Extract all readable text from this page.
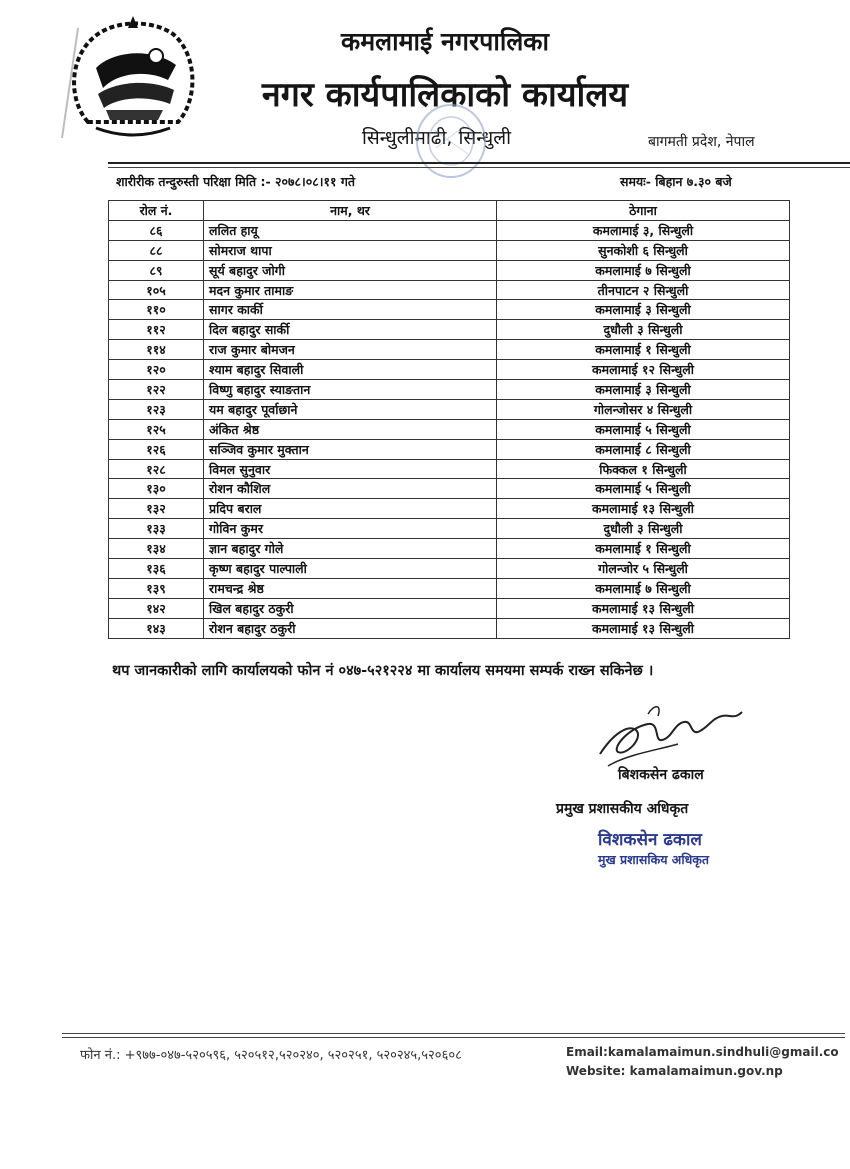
कमलामाई नगरपालिका
नगर कार्यपालिकाको कार्यालय
सिन्धुलीमाढी, सिन्धुली	बागमती प्रदेश, नेपाल
शारीरीक तन्दुरुस्ती परिक्षा मिति :- २०७८।०८।११ गते	समयः- बिहान ७.३० बजे
रोल नं.	नाम, थर	ठेगाना
८६	ललित हायू	कमलामाई ३, सिन्धुली
८८	सोमराज थापा	सुनकोशी ६ सिन्धुली
८९	सूर्य बहादुर जोगी	कमलामाई ७ सिन्धुली
१०५	मदन कुमार तामाङ	तीनपाटन २ सिन्धुली
११०	सागर कार्की	कमलामाई ३ सिन्धुली
११२	दिल बहादुर सार्की	दुधौली ३ सिन्धुली
११४	राज कुमार बोमजन	कमलामाई १ सिन्धुली
१२०	श्याम बहादुर सिवाली	कमलामाई १२ सिन्धुली
१२२	विष्णु बहादुर स्याङतान	कमलामाई ३ सिन्धुली
१२३	यम बहादुर पूर्वाछाने	गोलन्जोसर ४ सिन्धुली
१२५	अंकित श्रेष्ठ	कमलामाई ५ सिन्धुली
१२६	सञ्जिव कुमार मुक्तान	कमलामाई ८ सिन्धुली
१२८	विमल सुनुवार	फिक्कल १ सिन्धुली
१३०	रोशन कौशिल	कमलामाई ५ सिन्धुली
१३२	प्रदिप बराल	कमलामाई १३ सिन्धुली
१३३	गोविन कुमर	दुधौली ३ सिन्धुली
१३४	ज्ञान बहादुर गोले	कमलामाई १ सिन्धुली
१३६	कृष्ण बहादुर पाल्पाली	गोलन्जोर ५ सिन्धुली
१३९	रामचन्द्र श्रेष्ठ	कमलामाई ७ सिन्धुली
१४२	खिल बहादुर ठकुरी	कमलामाई १३ सिन्धुली
१४३	रोशन बहादुर ठकुरी	कमलामाई १३ सिन्धुली
थप जानकारीको लागि कार्यालयको फोन नं ०४७-५२१२२४ मा कार्यालय समयमा सम्पर्क राख्न सकिनेछ ।
बिशकसेन ढकाल
प्रमुख प्रशासकीय अधिकृत
विशकसेन ढकाल
मुख प्रशासकिय अधिकृत
फोन नं.: +९७७-०४७-५२०५९६, ५२०५१२,५२०२४०, ५२०२५१, ५२०२४५,५२०६०८	Email:kamalamaimun.sindhuli@gmail.co
Website: kamalamaimun.gov.np
